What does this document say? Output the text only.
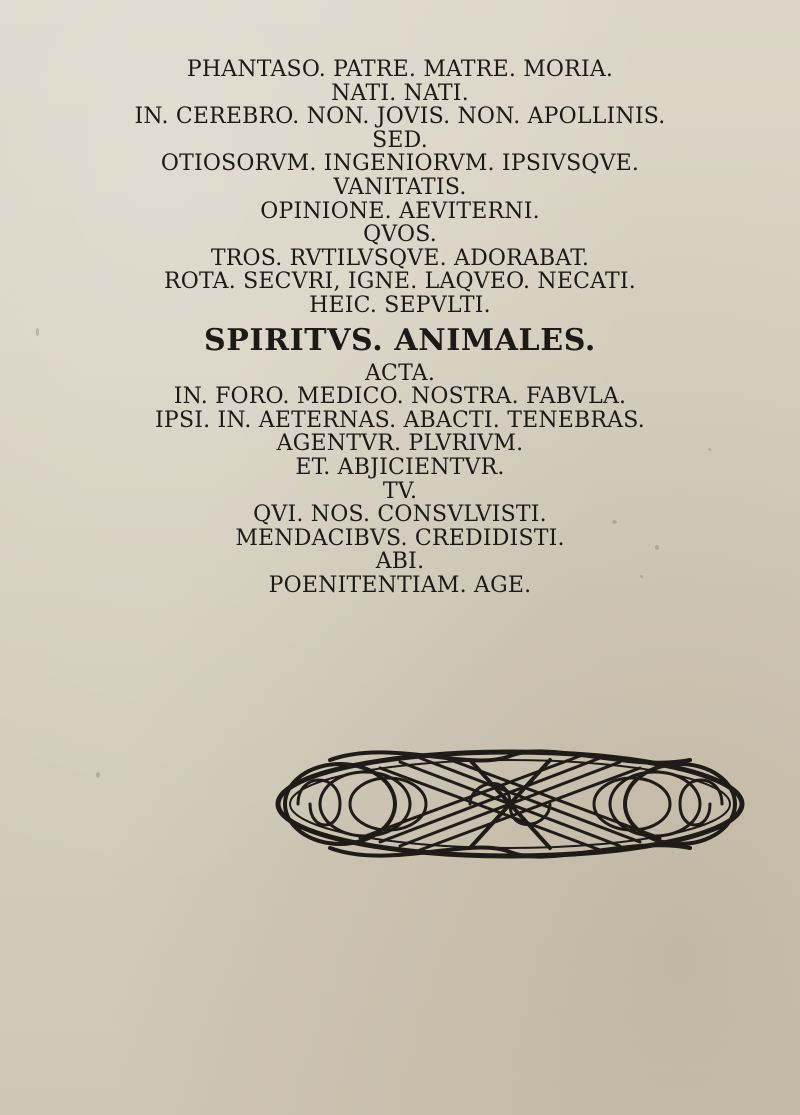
PHANTASO. PATRE. MATRE. MORIA.
NATI. NATI.
IN. CEREBRO. NON. JOVIS. NON. APOLLINIS.
SED.
OTIOSORVM. INGENIORVM. IPSIVSQVE.
VANITATIS.
OPINIONE. AEVITERNI.
QVOS.
TROS. RVTILVSQVE. ADORABAT.
ROTA. SECVRI, IGNE. LAQVEO. NECATI.
HEIC. SEPVLTI.
SPIRITVS. ANIMALES.
ACTA.
IN. FORO. MEDICO. NOSTRA. FABVLA.
IPSI. IN. AETERNAS. ABACTI. TENEBRAS.
AGENTVR. PLVRIVM.
ET. ABJICIENTVR.
TV.
QVI. NOS. CONSVLVISTI.
MENDACIBVS. CREDIDISTI.
ABI.
POENITENTIAM. AGE.
